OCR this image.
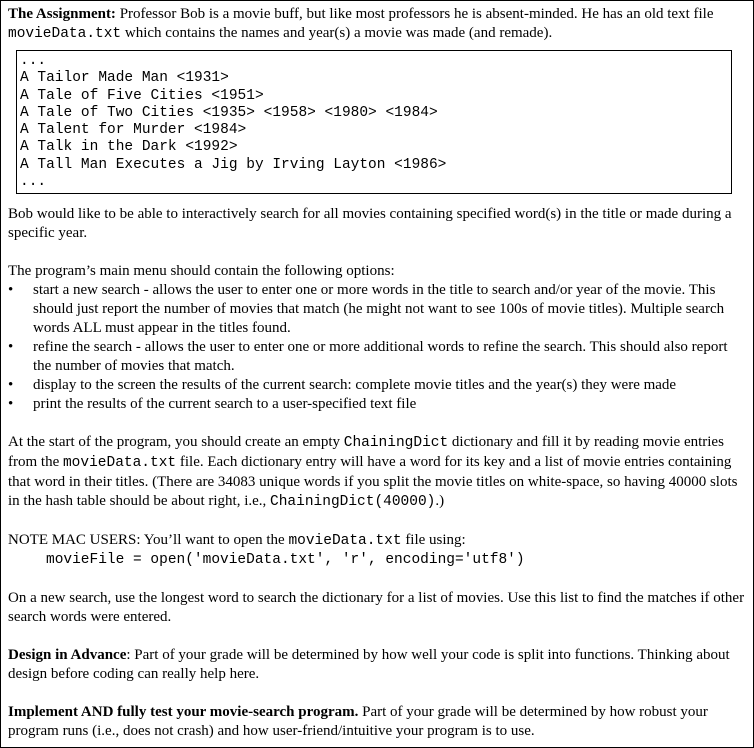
The Assignment: Professor Bob is a movie buff, but like most professors he is absent-minded. He has an old text file movieData.txt which contains the names and year(s) a movie was made (and remade).

...
A Tailor Made Man <1931>
A Tale of Five Cities <1951>
A Tale of Two Cities <1935> <1958> <1980> <1984>
A Talent for Murder <1984>
A Talk in the Dark <1992>
A Tall Man Executes a Jig by Irving Layton <1986>
...

Bob would like to be able to interactively search for all movies containing specified word(s) in the title or made during a specific year.

The program’s main menu should contain the following options:

•	start a new search - allows the user to enter one or more words in the title to search and/or year of the movie. This should just report the number of movies that match (he might not want to see 100s of movie titles). Multiple search words ALL must appear in the titles found.
•	refine the search - allows the user to enter one or more additional words to refine the search. This should also report the number of movies that match.
•	display to the screen the results of the current search: complete movie titles and the year(s) they were made
•	print the results of the current search to a user-specified text file

At the start of the program, you should create an empty ChainingDict dictionary and fill it by reading movie entries from the movieData.txt file. Each dictionary entry will have a word for its key and a list of movie entries containing that word in their titles. (There are 34083 unique words if you split the movie titles on white-space, so having 40000 slots in the hash table should be about right, i.e., ChainingDict(40000).)

NOTE MAC USERS: You’ll want to open the movieData.txt file using:

movieFile = open('movieData.txt', 'r', encoding='utf8')

On a new search, use the longest word to search the dictionary for a list of movies. Use this list to find the matches if other search words were entered.

Design in Advance: Part of your grade will be determined by how well your code is split into functions. Thinking about design before coding can really help here.

Implement AND fully test your movie-search program. Part of your grade will be determined by how robust your program runs (i.e., does not crash) and how user-friend/intuitive your program is to use.
